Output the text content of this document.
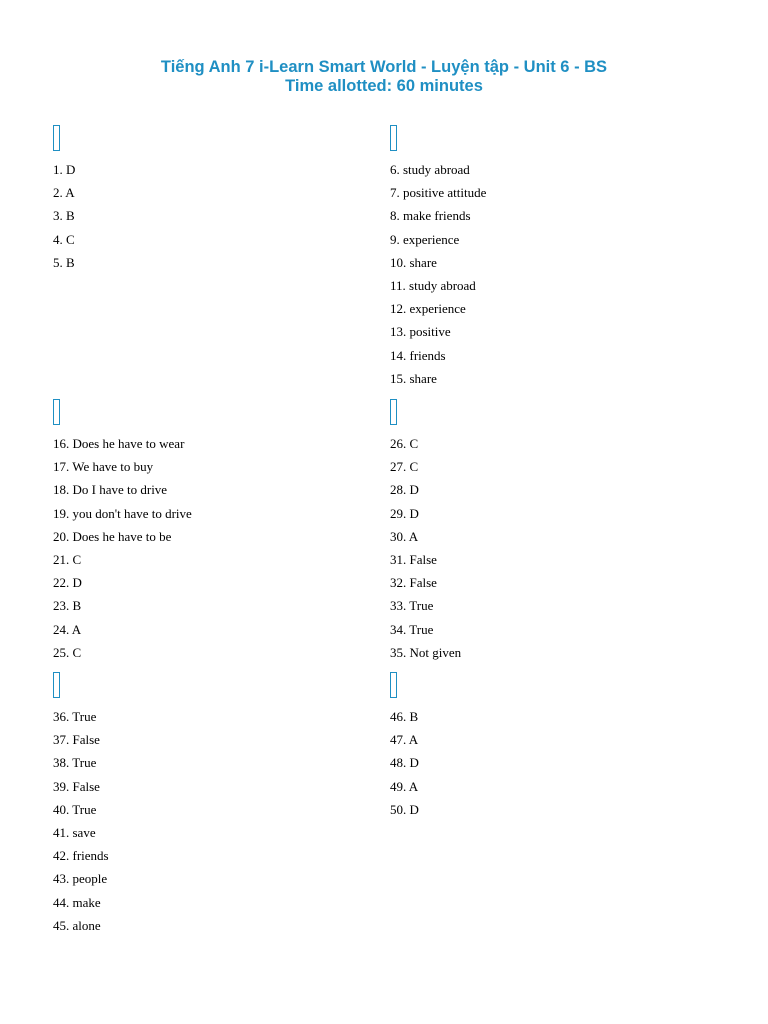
Tiếng Anh 7 i-Learn Smart World - Luyện tập - Unit 6 - BS
Time allotted: 60 minutes
1. D
2. A
3. B
4. C
5. B
6. study abroad
7. positive attitude
8. make friends
9. experience
10. share
11. study abroad
12. experience
13. positive
14. friends
15. share
16. Does he have to wear
17. We have to buy
18. Do I have to drive
19. you don't have to drive
20. Does he have to be
21. C
22. D
23. B
24. A
25. C
26. C
27. C
28. D
29. D
30. A
31. False
32. False
33. True
34. True
35. Not given
36. True
37. False
38. True
39. False
40. True
41. save
42. friends
43. people
44. make
45. alone
46. B
47. A
48. D
49. A
50. D
